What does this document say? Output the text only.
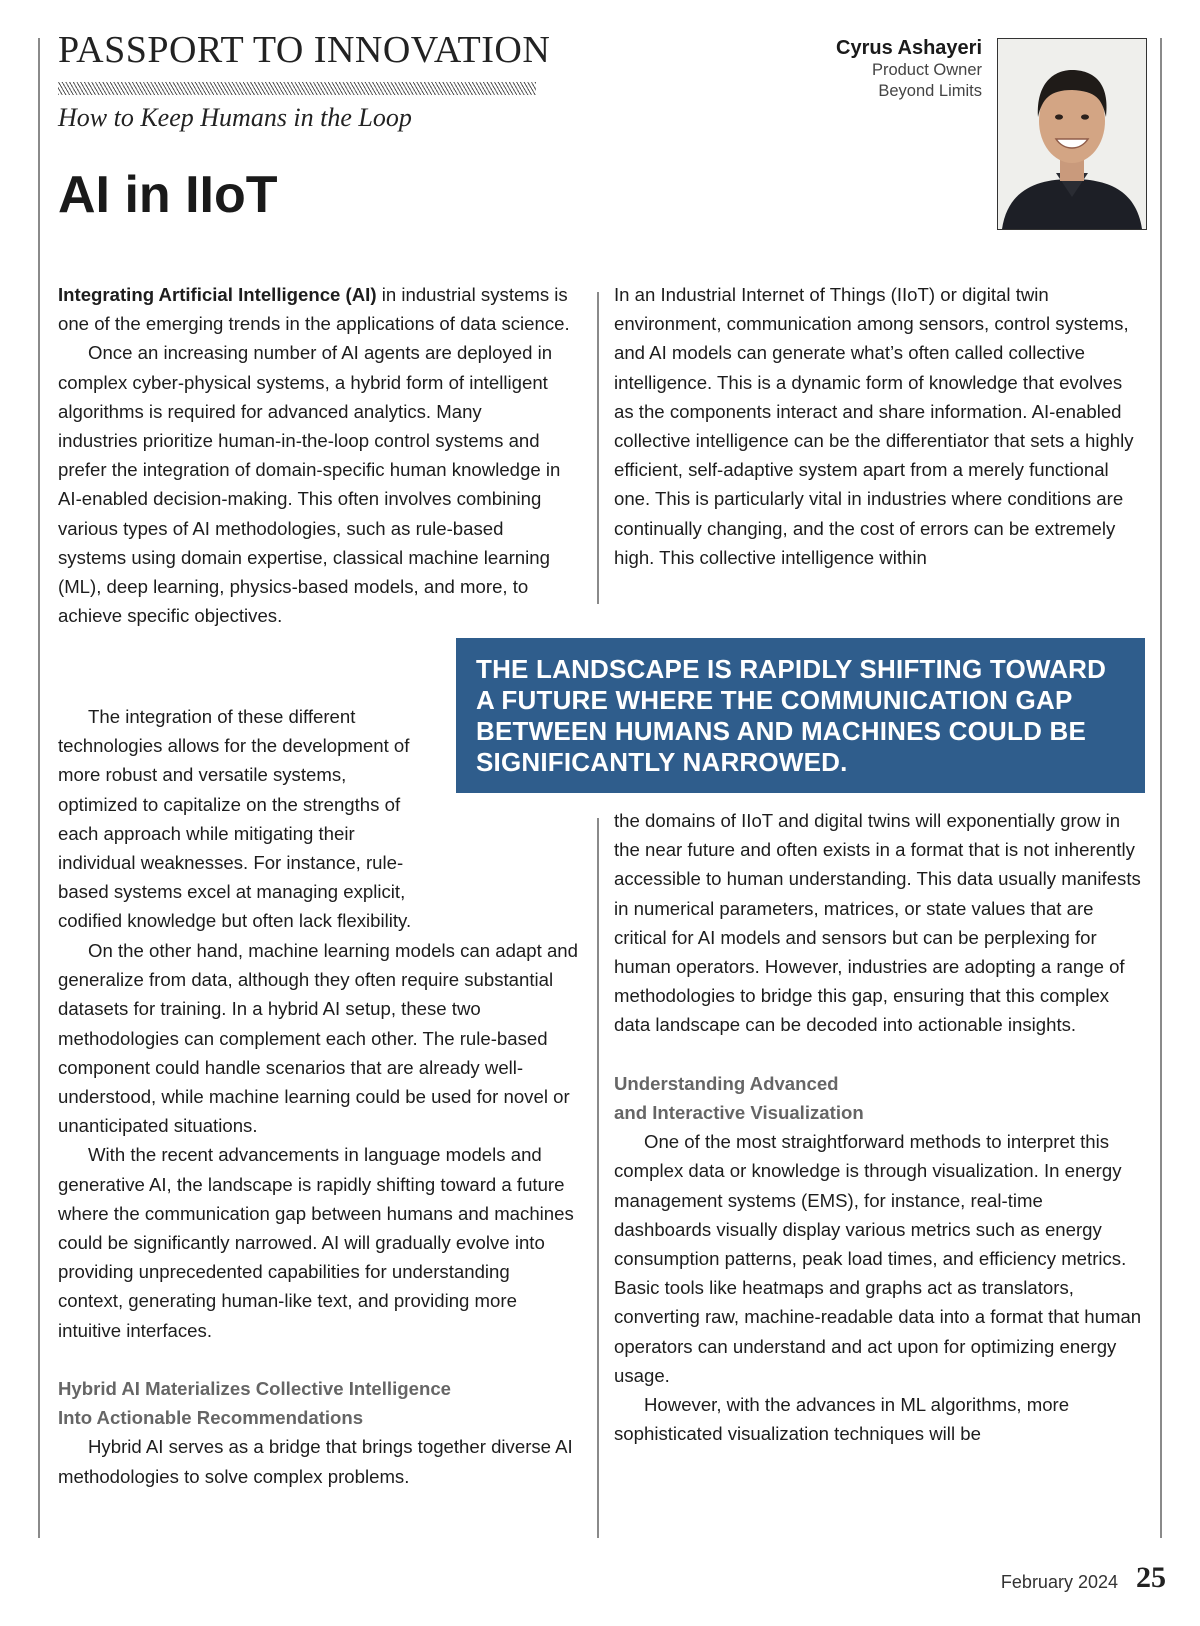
PASSPORT TO INNOVATION
How to Keep Humans in the Loop
AI in IIoT
Cyrus Ashayeri
Product Owner
Beyond Limits

Integrating Artificial Intelligence (AI) in industrial systems is one of the emerging trends in the applications of data science.

Once an increasing number of AI agents are deployed in complex cyber-physical systems, a hybrid form of intelligent algorithms is required for advanced analytics. Many industries prioritize human-in-the-loop control systems and prefer the integration of domain-specific human knowledge in AI-enabled decision-making. This often involves combining various types of AI methodologies, such as rule-based systems using domain expertise, classical machine learning (ML), deep learning, physics-based models, and more, to achieve specific objectives.

The integration of these different technologies allows for the development of more robust and versatile systems, optimized to capitalize on the strengths of each approach while mitigating their individual weaknesses. For instance, rule-based systems excel at managing explicit, codified knowledge but often lack flexibility.

On the other hand, machine learning models can adapt and generalize from data, although they often require substantial datasets for training. In a hybrid AI setup, these two methodologies can complement each other. The rule-based component could handle scenarios that are already well-understood, while machine learning could be used for novel or unanticipated situations.

With the recent advancements in language models and generative AI, the landscape is rapidly shifting toward a future where the communication gap between humans and machines could be significantly narrowed. AI will gradually evolve into providing unprecedented capabilities for understanding context, generating human-like text, and providing more intuitive interfaces.

Hybrid AI Materializes Collective Intelligence
Into Actionable Recommendations

Hybrid AI serves as a bridge that brings together diverse AI methodologies to solve complex problems.

In an Industrial Internet of Things (IIoT) or digital twin environment, communication among sensors, control systems, and AI models can generate what’s often called collective intelligence. This is a dynamic form of knowledge that evolves as the components interact and share information. AI-enabled collective intelligence can be the differentiator that sets a highly efficient, self-adaptive system apart from a merely functional one. This is particularly vital in industries where conditions are continually changing, and the cost of errors can be extremely high. This collective intelligence within

the domains of IIoT and digital twins will exponentially grow in the near future and often exists in a format that is not inherently accessible to human understanding. This data usually manifests in numerical parameters, matrices, or state values that are critical for AI models and sensors but can be perplexing for human operators. However, industries are adopting a range of methodologies to bridge this gap, ensuring that this complex data landscape can be decoded into actionable insights.

Understanding Advanced
and Interactive Visualization

One of the most straightforward methods to interpret this complex data or knowledge is through visualization. In energy management systems (EMS), for instance, real-time dashboards visually display various metrics such as energy consumption patterns, peak load times, and efficiency metrics. Basic tools like heatmaps and graphs act as translators, converting raw, machine-readable data into a format that human operators can understand and act upon for optimizing energy usage.

However, with the advances in ML algorithms, more sophisticated visualization techniques will be

THE LANDSCAPE IS RAPIDLY SHIFTING TOWARD A FUTURE WHERE THE COMMUNICATION GAP BETWEEN HUMANS AND MACHINES COULD BE SIGNIFICANTLY NARROWED.
February 2024 25
